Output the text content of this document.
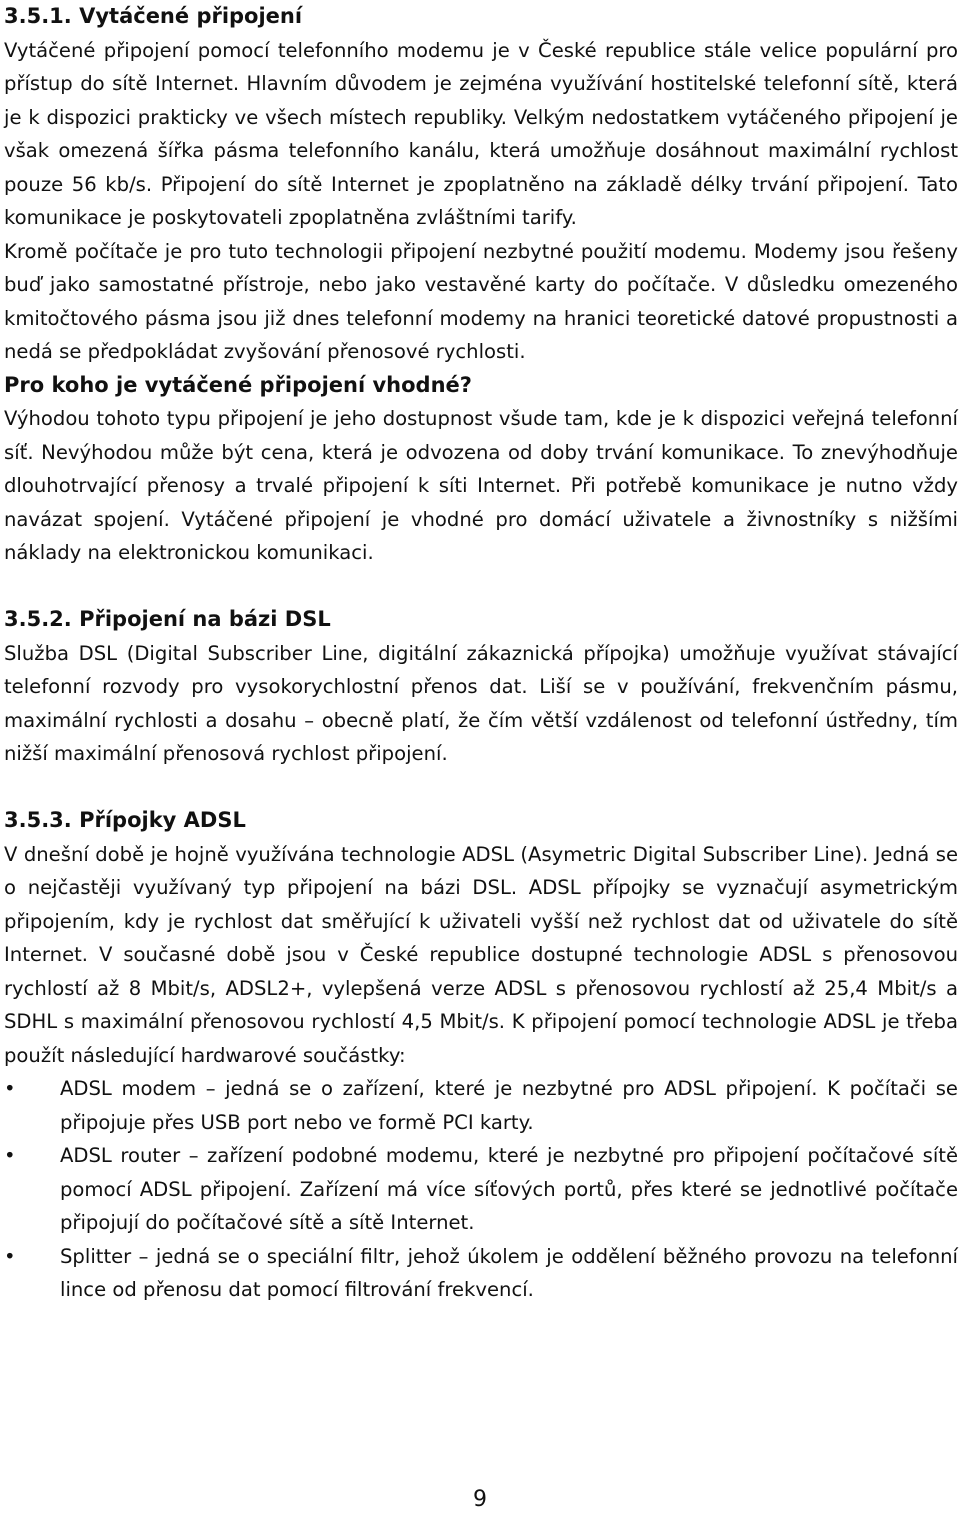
3.5.1. Vytáčené připojení

Vytáčené připojení pomocí telefonního modemu je v České republice stále velice populární pro přístup do sítě Internet. Hlavním důvodem je zejména využívání hostitelské telefonní sítě, která je k dispozici prakticky ve všech místech republiky. Velkým nedostatkem vytáčeného připojení je však omezená šířka pásma telefonního kanálu, která umožňuje dosáhnout maximální rychlost pouze 56 kb/s. Připojení do sítě Internet je zpoplatněno na základě délky trvání připojení. Tato komunikace je poskytovateli zpoplatněna zvláštními tarify.

Kromě počítače je pro tuto technologii připojení nezbytné použití modemu. Modemy jsou řešeny buď jako samostatné přístroje, nebo jako vestavěné karty do počítače. V důsledku omezeného kmitočtového pásma jsou již dnes telefonní modemy na hranici teoretické datové propustnosti a nedá se předpokládat zvyšování přenosové rychlosti.

Pro koho je vytáčené připojení vhodné?

Výhodou tohoto typu připojení je jeho dostupnost všude tam, kde je k dispozici veřejná telefonní síť. Nevýhodou může být cena, která je odvozena od doby trvání komunikace. To znevýhodňuje dlouhotrvající přenosy a trvalé připojení k síti Internet. Při potřebě komunikace je nutno vždy navázat spojení. Vytáčené připojení je vhodné pro domácí uživatele a živnostníky s nižšími náklady na elektronickou komunikaci.

3.5.2. Připojení na bázi DSL

Služba DSL (Digital Subscriber Line, digitální zákaznická přípojka) umožňuje využívat stávající telefonní rozvody pro vysokorychlostní přenos dat. Liší se v používání, frekvenčním pásmu, maximální rychlosti a dosahu – obecně platí, že čím větší vzdálenost od telefonní ústředny, tím nižší maximální přenosová rychlost připojení.

3.5.3. Přípojky ADSL

V dnešní době je hojně využívána technologie ADSL (Asymetric Digital Subscriber Line). Jedná se o nejčastěji využívaný typ připojení na bázi DSL. ADSL přípojky se vyznačují asymetrickým připojením, kdy je rychlost dat směřující k uživateli vyšší než rychlost dat od uživatele do sítě Internet. V současné době jsou v České republice dostupné technologie ADSL s přenosovou rychlostí až 8 Mbit/s, ADSL2+, vylepšená verze ADSL s přenosovou rychlostí až 25,4 Mbit/s a SDHL s maximální přenosovou rychlostí 4,5 Mbit/s. K připojení pomocí technologie ADSL je třeba použít následující hardwarové součástky:

•	ADSL modem – jedná se o zařízení, které je nezbytné pro ADSL připojení. K počítači se připojuje přes USB port nebo ve formě PCI karty.
•	ADSL router – zařízení podobné modemu, které je nezbytné pro připojení počítačové sítě pomocí ADSL připojení. Zařízení má více síťových portů, přes které se jednotlivé počítače připojují do počítačové sítě a sítě Internet.
•	Splitter – jedná se o speciální filtr, jehož úkolem je oddělení běžného provozu na telefonní lince od přenosu dat pomocí filtrování frekvencí.
9
